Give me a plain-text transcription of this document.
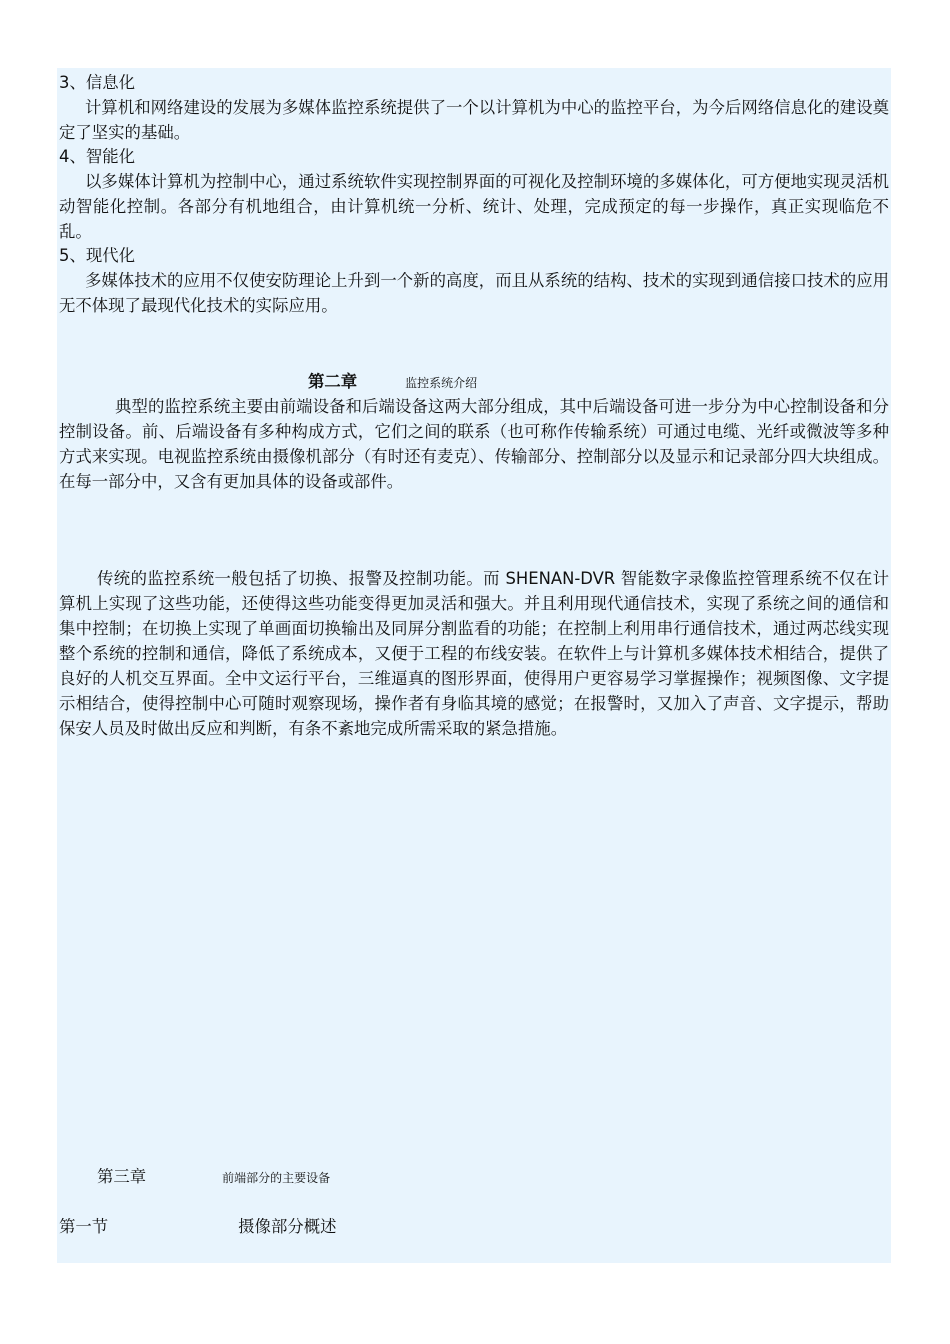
3、信息化

计算机和网络建设的发展为多媒体监控系统提供了一个以计算机为中心的监控平台，为今后网络信息化的建设奠定了坚实的基础。

4、智能化

以多媒体计算机为控制中心，通过系统软件实现控制界面的可视化及控制环境的多媒体化，可方便地实现灵活机动智能化控制。各部分有机地组合，由计算机统一分析、统计、处理，完成预定的每一步操作，真正实现临危不乱。

5、现代化

多媒体技术的应用不仅使安防理论上升到一个新的高度，而且从系统的结构、技术的实现到通信接口技术的应用无不体现了最现代化技术的实际应用。

第二章	监控系统介绍

典型的监控系统主要由前端设备和后端设备这两大部分组成，其中后端设备可进一步分为中心控制设备和分控制设备。前、后端设备有多种构成方式，它们之间的联系（也可称作传输系统）可通过电缆、光纤或微波等多种方式来实现。电视监控系统由摄像机部分（有时还有麦克）、传输部分、控制部分以及显示和记录部分四大块组成。在每一部分中，又含有更加具体的设备或部件。

传统的监控系统一般包括了切换、报警及控制功能。而 SHENAN-DVR 智能数字录像监控管理系统不仅在计算机上实现了这些功能，还使得这些功能变得更加灵活和强大。并且利用现代通信技术，实现了系统之间的通信和集中控制；在切换上实现了单画面切换输出及同屏分割监看的功能；在控制上利用串行通信技术，通过两芯线实现整个系统的控制和通信，降低了系统成本，又便于工程的布线安装。在软件上与计算机多媒体技术相结合，提供了良好的人机交互界面。全中文运行平台，三维逼真的图形界面，使得用户更容易学习掌握操作；视频图像、文字提示相结合，使得控制中心可随时观察现场，操作者有身临其境的感觉；在报警时，又加入了声音、文字提示，帮助保安人员及时做出反应和判断，有条不紊地完成所需采取的紧急措施。

第三章	前端部分的主要设备
第一节	摄像部分概述
